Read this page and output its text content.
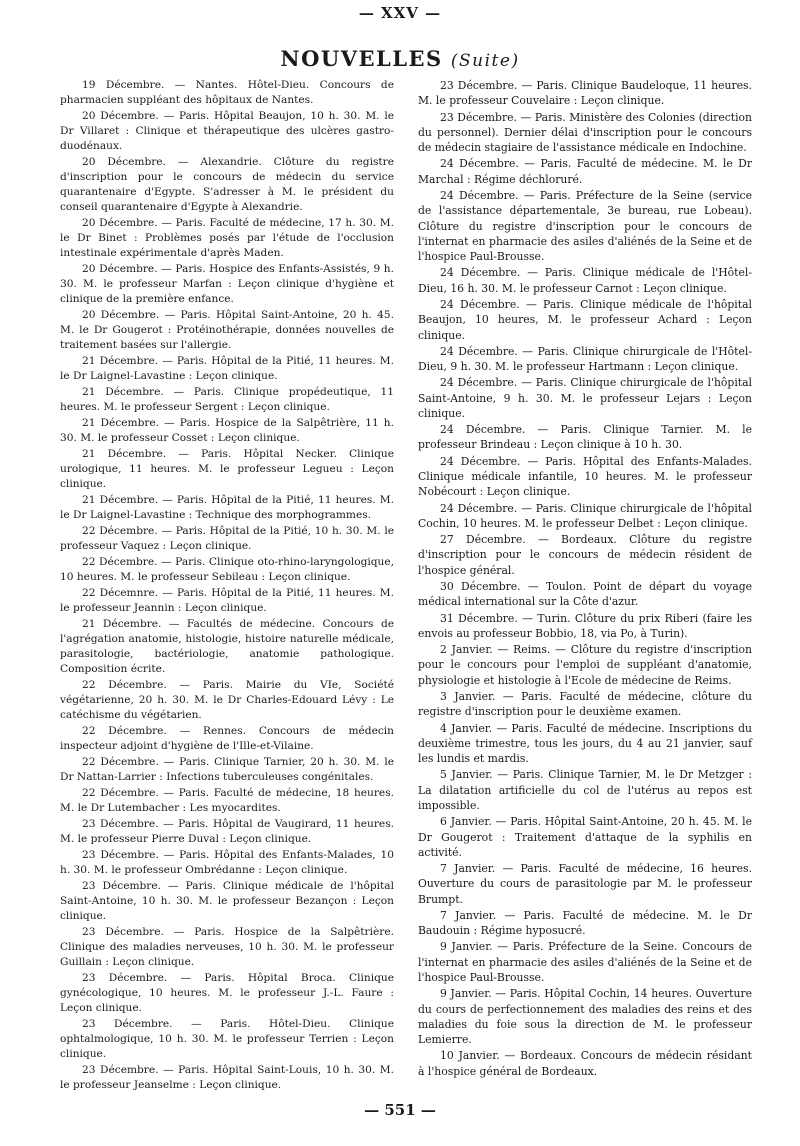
— XXV —
NOUVELLES (Suite)

19 Décembre. — Nantes. Hôtel-Dieu. Concours de pharmacien suppléant des hôpitaux de Nantes.

20 Décembre. — Paris. Hôpital Beaujon, 10 h. 30. M. le Dr Villaret : Clinique et thérapeutique des ulcères gastro-duodénaux.

20 Décembre. — Alexandrie. Clôture du registre d'inscription pour le concours de médecin du service quarantenaire d'Egypte. S'adresser à M. le président du conseil quarantenaire d'Egypte à Alexandrie.

20 Décembre. — Paris. Faculté de médecine, 17 h. 30. M. le Dr Binet : Problèmes posés par l'étude de l'occlusion intestinale expérimentale d'après Maden.

20 Décembre. — Paris. Hospice des Enfants-Assistés, 9 h. 30. M. le professeur Marfan : Leçon clinique d'hygiène et clinique de la première enfance.

20 Décembre. — Paris. Hôpital Saint-Antoine, 20 h. 45. M. le Dr Gougerot : Protéinothérapie, données nouvelles de traitement basées sur l'allergie.

21 Décembre. — Paris. Hôpital de la Pitié, 11 heures. M. le Dr Laignel-Lavastine : Leçon clinique.

21 Décembre. — Paris. Clinique propédeutique, 11 heures. M. le professeur Sergent : Leçon clinique.

21 Décembre. — Paris. Hospice de la Salpêtrière, 11 h. 30. M. le professeur Cosset : Leçon clinique.

21 Décembre. — Paris. Hôpital Necker. Clinique urologique, 11 heures. M. le professeur Legueu : Leçon clinique.

21 Décembre. — Paris. Hôpital de la Pitié, 11 heures. M. le Dr Laignel-Lavastine : Technique des morphogrammes.

22 Décembre. — Paris. Hôpital de la Pitié, 10 h. 30. M. le professeur Vaquez : Leçon clinique.

22 Décembre. — Paris. Clinique oto-rhino-laryngologique, 10 heures. M. le professeur Sebileau : Leçon clinique.

22 Décemnre. — Paris. Hôpital de la Pitié, 11 heures. M. le professeur Jeannin : Leçon clinique.

21 Décembre. — Facultés de médecine. Concours de l'agrégation anatomie, histologie, histoire naturelle médicale, parasitologie, bactériologie, anatomie pathologique. Composition écrite.

22 Décembre. — Paris. Mairie du VIe, Société végétarienne, 20 h. 30. M. le Dr Charles-Edouard Lévy : Le catéchisme du végétarien.

22 Décembre. — Rennes. Concours de médecin inspecteur adjoint d'hygiène de l'Ille-et-Vilaine.

22 Décembre. — Paris. Clinique Tarnier, 20 h. 30. M. le Dr Nattan-Larrier : Infections tuberculeuses congénitales.

22 Décembre. — Paris. Faculté de médecine, 18 heures. M. le Dr Lutembacher : Les myocardites.

23 Décembre. — Paris. Hôpital de Vaugirard, 11 heures. M. le professeur Pierre Duval : Leçon clinique.

23 Décembre. — Paris. Hôpital des Enfants-Malades, 10 h. 30. M. le professeur Ombrédanne : Leçon clinique.

23 Décembre. — Paris. Clinique médicale de l'hôpital Saint-Antoine, 10 h. 30. M. le professeur Bezançon : Leçon clinique.

23 Décembre. — Paris. Hospice de la Salpêtrière. Clinique des maladies nerveuses, 10 h. 30. M. le professeur Guillain : Leçon clinique.

23 Décembre. — Paris. Hôpital Broca. Clinique gynécologique, 10 heures. M. le professeur J.-L. Faure : Leçon clinique.

23 Décembre. — Paris. Hôtel-Dieu. Clinique ophtalmologique, 10 h. 30. M. le professeur Terrien : Leçon clinique.

23 Décembre. — Paris. Hôpital Saint-Louis, 10 h. 30. M. le professeur Jeanselme : Leçon clinique.

23 Décembre. — Paris. Clinique Baudeloque, 11 heures. M. le professeur Couvelaire : Leçon clinique.

23 Décembre. — Paris. Ministère des Colonies (direction du personnel). Dernier délai d'inscription pour le concours de médecin stagiaire de l'assistance médicale en Indochine.

24 Décembre. — Paris. Faculté de médecine. M. le Dr Marchal : Régime déchloruré.

24 Décembre. — Paris. Préfecture de la Seine (service de l'assistance départementale, 3e bureau, rue Lobeau). Clôture du registre d'inscription pour le concours de l'internat en pharmacie des asiles d'aliénés de la Seine et de l'hospice Paul-Brousse.

24 Décembre. — Paris. Clinique médicale de l'Hôtel-Dieu, 16 h. 30. M. le professeur Carnot : Leçon clinique.

24 Décembre. — Paris. Clinique médicale de l'hôpital Beaujon, 10 heures, M. le professeur Achard : Leçon clinique.

24 Décembre. — Paris. Clinique chirurgicale de l'Hôtel-Dieu, 9 h. 30. M. le professeur Hartmann : Leçon clinique.

24 Décembre. — Paris. Clinique chirurgicale de l'hôpital Saint-Antoine, 9 h. 30. M. le professeur Lejars : Leçon clinique.

24 Décembre. — Paris. Clinique Tarnier. M. le professeur Brindeau : Leçon clinique à 10 h. 30.

24 Décembre. — Paris. Hôpital des Enfants-Malades. Clinique médicale infantile, 10 heures. M. le professeur Nobécourt : Leçon clinique.

24 Décembre. — Paris. Clinique chirurgicale de l'hôpital Cochin, 10 heures. M. le professeur Delbet : Leçon clinique.

27 Décembre. — Bordeaux. Clôture du registre d'inscription pour le concours de médecin résident de l'hospice général.

30 Décembre. — Toulon. Point de départ du voyage médical international sur la Côte d'azur.

31 Décembre. — Turin. Clôture du prix Riberi (faire les envois au professeur Bobbio, 18, via Po, à Turin).

2 Janvier. — Reims. — Clôture du registre d'inscription pour le concours pour l'emploi de suppléant d'anatomie, physiologie et histologie à l'Ecole de médecine de Reims.

3 Janvier. — Paris. Faculté de médecine, clôture du registre d'inscription pour le deuxième examen.

4 Janvier. — Paris. Faculté de médecine. Inscriptions du deuxième trimestre, tous les jours, du 4 au 21 janvier, sauf les lundis et mardis.

5 Janvier. — Paris. Clinique Tarnier, M. le Dr Metzger : La dilatation artificielle du col de l'utérus au repos est impossible.

6 Janvier. — Paris. Hôpital Saint-Antoine, 20 h. 45. M. le Dr Gougerot : Traitement d'attaque de la syphilis en activité.

7 Janvier. — Paris. Faculté de médecine, 16 heures. Ouverture du cours de parasitologie par M. le professeur Brumpt.

7 Janvier. — Paris. Faculté de médecine. M. le Dr Baudouin : Régime hyposucré.

9 Janvier. — Paris. Préfecture de la Seine. Concours de l'internat en pharmacie des asiles d'aliénés de la Seine et de l'hospice Paul-Brousse.

9 Janvier. — Paris. Hôpital Cochin, 14 heures. Ouverture du cours de perfectionnement des maladies des reins et des maladies du foie sous la direction de M. le professeur Lemierre.

10 Janvier. — Bordeaux. Concours de médecin résidant à l'hospice général de Bordeaux.

— 551 —
